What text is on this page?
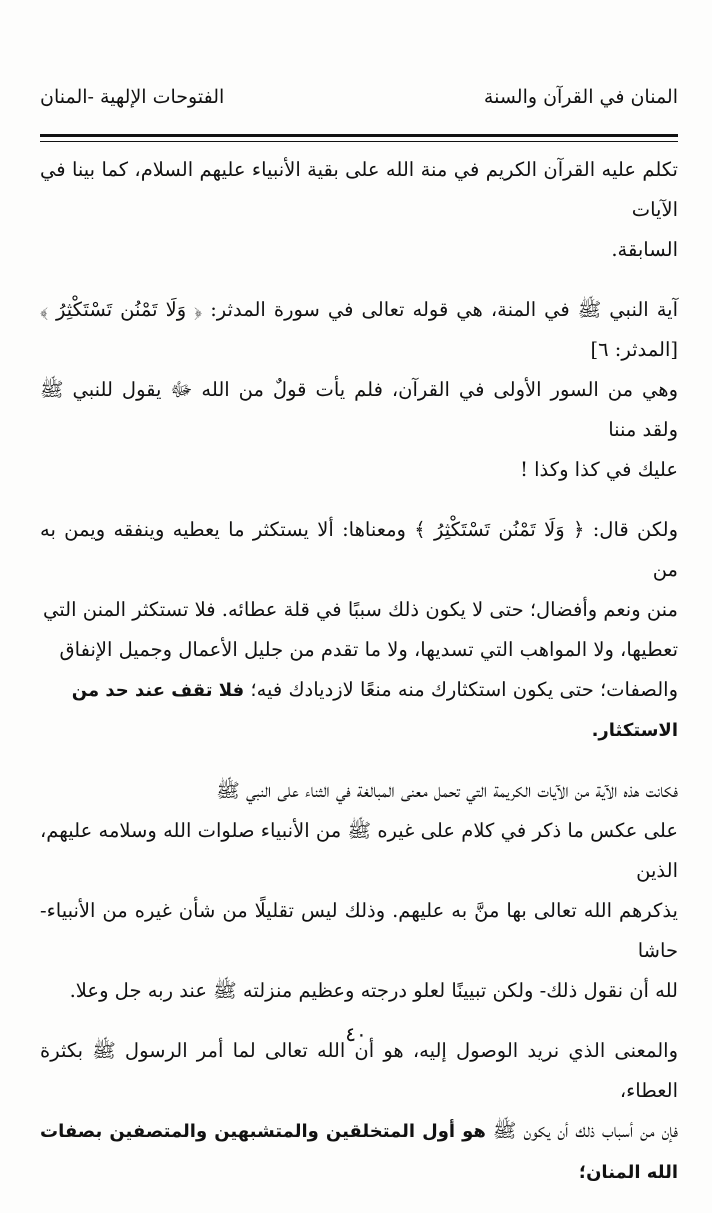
المنان في القرآن والسنة
الفتوحات الإلهية -المنان

تكلم عليه القرآن الكريم في منة الله على بقية الأنبياء عليهم السلام، كما بينا في الآيات
السابقة.

آية النبي ﷺ في المنة، هي قوله تعالى في سورة المدثر: ﴿ وَلَا تَمْنُن تَسْتَكْثِرُ ﴾ [المدثر: ٦]
وهي من السور الأولى في القرآن، فلم يأت قولٌ من الله ﷻ يقول للنبي ﷺ ولقد مننا
عليك في كذا وكذا !

ولكن قال: ﴿ وَلَا تَمْنُن تَسْتَكْثِرُ ﴾ ومعناها: ألا يستكثر ما يعطيه وينفقه ويمن به من
منن ونعم وأفضال؛ حتى لا يكون ذلك سببًا في قلة عطائه. فلا تستكثر المنن التي
تعطيها، ولا المواهب التي تسديها، ولا ما تقدم من جليل الأعمال وجميل الإنفاق
والصفات؛ حتى يكون استكثارك منه منعًا لازديادك فيه؛ فلا تقف عند حد من
الاستكثار.

فكانت هذه الآية من الآيات الكريمة التي تحمل معنى المبالغة في الثناء على النبي ﷺ
على عكس ما ذكر في كلام على غيره ﷺ من الأنبياء صلوات الله وسلامه عليهم، الذين
يذكرهم الله تعالى بها منَّ به عليهم. وذلك ليس تقليلًا من شأن غيره من الأنبياء- حاشا
لله أن نقول ذلك- ولكن تبيينًا لعلو درجته وعظيم منزلته ﷺ عند ربه جل وعلا.

والمعنى الذي نريد الوصول إليه، هو أن الله تعالى لما أمر الرسول ﷺ بكثرة العطاء،
فإن من أسباب ذلك أن يكون ﷺ هو أول المتخلقين والمتشبهين والمتصفين بصفات الله المنان؛

٤٠
